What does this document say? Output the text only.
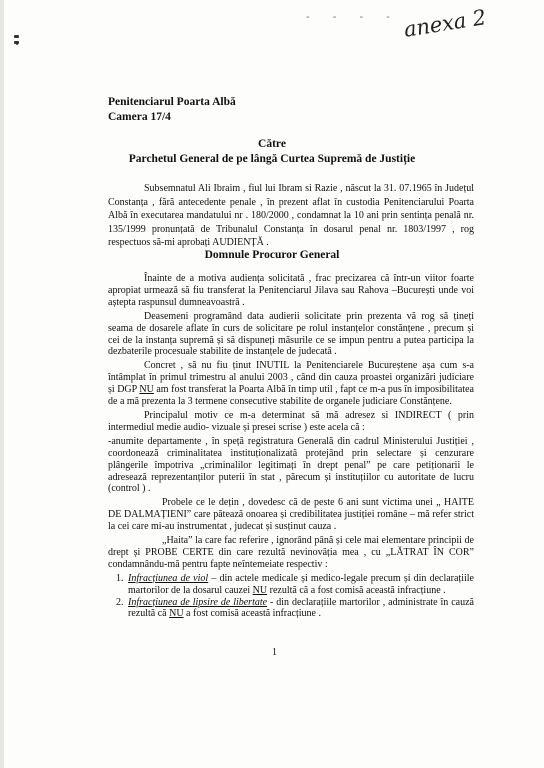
- - - - anexa 2
Penitenciarul Poarta Albă
Camera 17/4
Către
Parchetul General de pe lângă Curtea Supremă de Justiție

Subsemnatul Ali Ibraim , fiul lui Ibram si Razie , născut la 31. 07.1965 în Județul Constanța , fără antecedente penale , în prezent aflat în custodia Penitenciarului Poarta Albă în executarea mandatului nr . 180/2000 , condamnat la 10 ani prin sentința penală nr. 135/1999 pronunțată de Tribunalul Constanța în dosarul penal nr. 1803/1997 , rog respectuos să-mi aprobați AUDIENȚĂ .

Domnule Procuror General

Înainte de a motiva audiența solicitată , frac precizarea că într-un viitor foarte apropiat urmează să fiu transferat la Penitenciarul Jilava sau Rahova –București unde voi aștepta raspunsul dumneavoastră .

Deasemeni programând data audierii solicitate prin prezenta vă rog să țineți seama de dosarele aflate în curs de solicitare pe rolul instanțelor constănțene , precum și cei de la instanța supremă și să dispuneți măsurile ce se impun pentru a putea participa la dezbaterile procesuale stabilite de instanțele de judecată .

Concret , să nu fiu ținut INUTIL la Penitenciarele Bucureștene așa cum s-a întâmplat în primul trimestru al anului 2003 , când din cauza proastei organizări judiciare și DGP NU am fost transferat la Poarta Albă în timp util , fapt ce m-a pus în imposibilitatea de a mă prezenta la 3 termene consecutive stabilite de organele judiciare Constănțene.

Principalul motiv ce m-a determinat să mă adresez si INDIRECT ( prin intermediul medie audio- vizuale și presei scrise ) este acela că :

-anumite departamente , în speță registratura Generală din cadrul Ministerului Justiției , coordonează criminalitatea instituționalizată protejând prin selectare și cenzurare plângerile împotriva „criminalilor legitimați în drept penal” pe care petiționarii le adresează reprezentanților puterii în stat , părecum și instituțiilor cu autoritate de lucru (control ) .

Probele ce le dețin , dovedesc că de peste 6 ani sunt victima unei „ HAITE DE DALMAȚIENI” care pătează onoarea și credibilitatea justiției române – mă refer strict la cei care mi-au instrumentat , judecat și susținut cauza .

„Haita” la care fac referire , ignorând până și cele mai elementare principii de drept și PROBE CERTE din care rezultă nevinovăția mea , cu „LĂTRAT ÎN COR” condamnându-mă pentru fapte neîntemeiate respectiv :

1. Infracțiunea de viol – din actele medicale și medico-legale precum și din declarațiile martorilor de la dosarul cauzei NU rezultă că a fost comisă această infracțiune .
2. Infracțiunea de lipsire de libertate - din declarațiile martorilor , administrate în cauză rezultă că NU a fost comisă această infracțiune .
1
